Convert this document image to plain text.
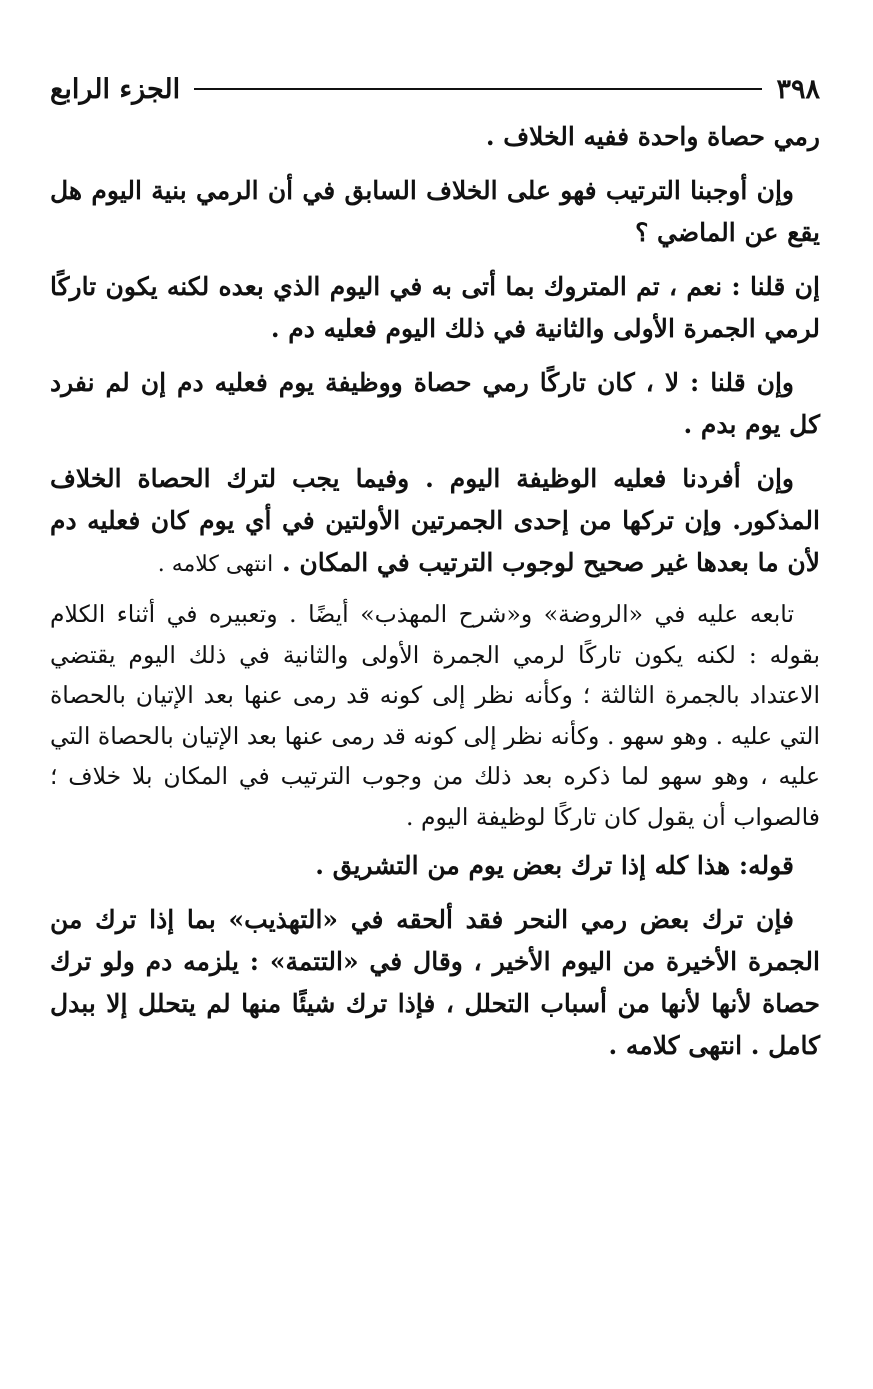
٣٩٨
الجزء الرابع

رمي حصاة واحدة ففيه الخلاف .

وإن أوجبنا الترتيب فهو على الخلاف السابق في أن الرمي بنية اليوم هل يقع عن الماضي ؟

إن قلنا : نعم ، تم المتروك بما أتى به في اليوم الذي بعده لكنه يكون تاركًا لرمي الجمرة الأولى والثانية في ذلك اليوم فعليه دم .

وإن قلنا : لا ، كان تاركًا رمي حصاة ووظيفة يوم فعليه دم إن لم نفرد كل يوم بدم .

وإن أفردنا فعليه الوظيفة اليوم . وفيما يجب لترك الحصاة الخلاف المذكور. وإن تركها من إحدى الجمرتين الأولتين في أي يوم كان فعليه دم لأن ما بعدها غير صحيح لوجوب الترتيب في المكان . انتهى كلامه .

تابعه عليه في «الروضة» و«شرح المهذب» أيضًا . وتعبيره في أثناء الكلام بقوله : لكنه يكون تاركًا لرمي الجمرة الأولى والثانية في ذلك اليوم يقتضي الاعتداد بالجمرة الثالثة ؛ وكأنه نظر إلى كونه قد رمى عنها بعد الإتيان بالحصاة التي عليه . وهو سهو . وكأنه نظر إلى كونه قد رمى عنها بعد الإتيان بالحصاة التي عليه ، وهو سهو لما ذكره بعد ذلك من وجوب الترتيب في المكان بلا خلاف ؛ فالصواب أن يقول كان تاركًا لوظيفة اليوم .

قوله: هذا كله إذا ترك بعض يوم من التشريق .

فإن ترك بعض رمي النحر فقد ألحقه في «التهذيب» بما إذا ترك من الجمرة الأخيرة من اليوم الأخير ، وقال في «التتمة» : يلزمه دم ولو ترك حصاة لأنها لأنها من أسباب التحلل ، فإذا ترك شيئًا منها لم يتحلل إلا ببدل كامل . انتهى كلامه .
